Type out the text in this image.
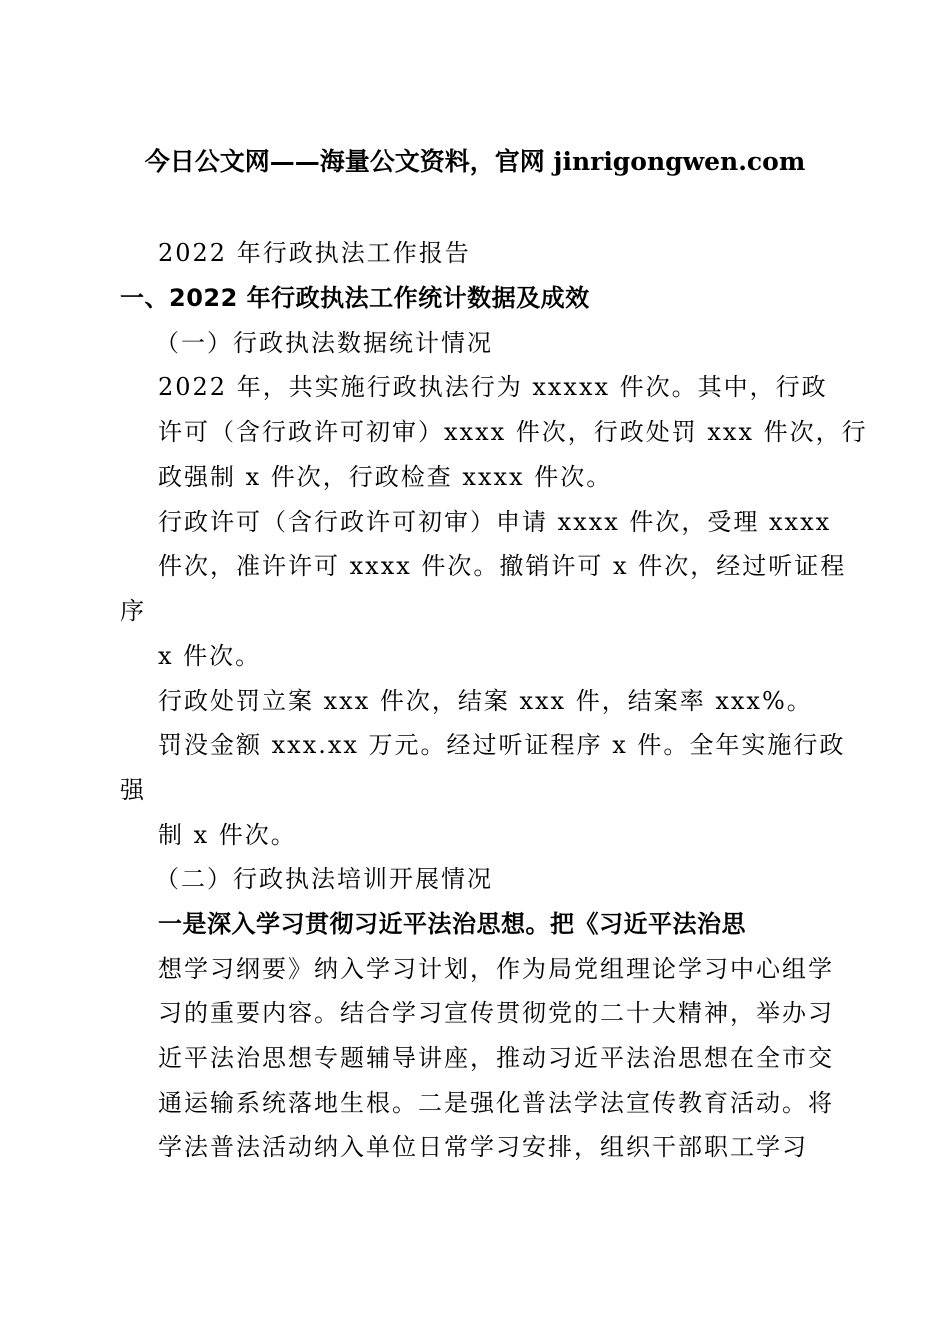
今日公文网——海量公文资料，官网 jinrigongwen.com
2022 年行政执法工作报告
一、2022 年行政执法工作统计数据及成效
（一）行政执法数据统计情况
2022 年，共实施行政执法行为 xxxxx 件次。其中，行政
许可（含行政许可初审）xxxx 件次，行政处罚 xxx 件次，行
政强制 x 件次，行政检查 xxxx 件次。
行政许可（含行政许可初审）申请 xxxx 件次，受理 xxxx
件次，准许许可 xxxx 件次。撤销许可 x 件次，经过听证程
序
x 件次。
行政处罚立案 xxx 件次，结案 xxx 件，结案率 xxx%。
罚没金额 xxx.xx 万元。经过听证程序 x 件。全年实施行政
强
制 x 件次。
（二）行政执法培训开展情况
一是深入学习贯彻习近平法治思想。把《习近平法治思
想学习纲要》纳入学习计划，作为局党组理论学习中心组学
习的重要内容。结合学习宣传贯彻党的二十大精神，举办习
近平法治思想专题辅导讲座，推动习近平法治思想在全市交
通运输系统落地生根。二是强化普法学法宣传教育活动。将
学法普法活动纳入单位日常学习安排，组织干部职工学习
